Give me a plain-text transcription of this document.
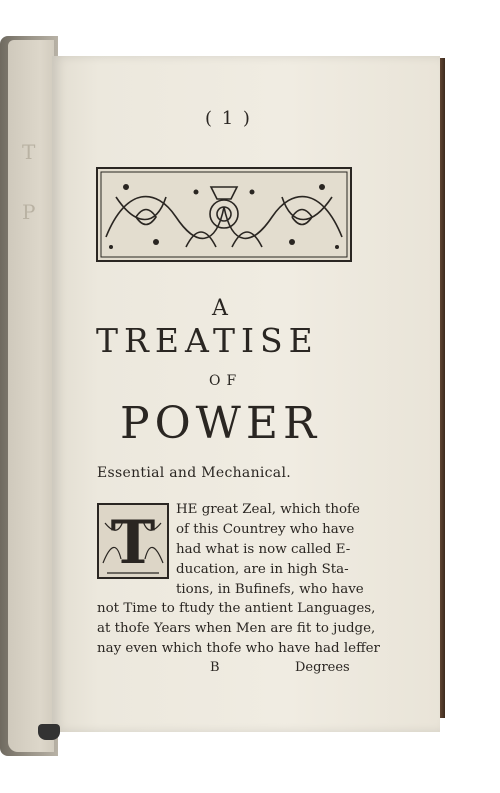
T
P
( 1 )
A
TREATISE
OF
POWER
Essential and Mechanical.
T HE great Zeal, which thofe
of this Countrey who have
had what is now called E-
ducation, are in high Sta-
tions, in Bufinefs, who have
not Time to ftudy the antient Languages,
at thofe Years when Men are fit to judge,
nay even which thofe who have had leffer
B	Degrees
